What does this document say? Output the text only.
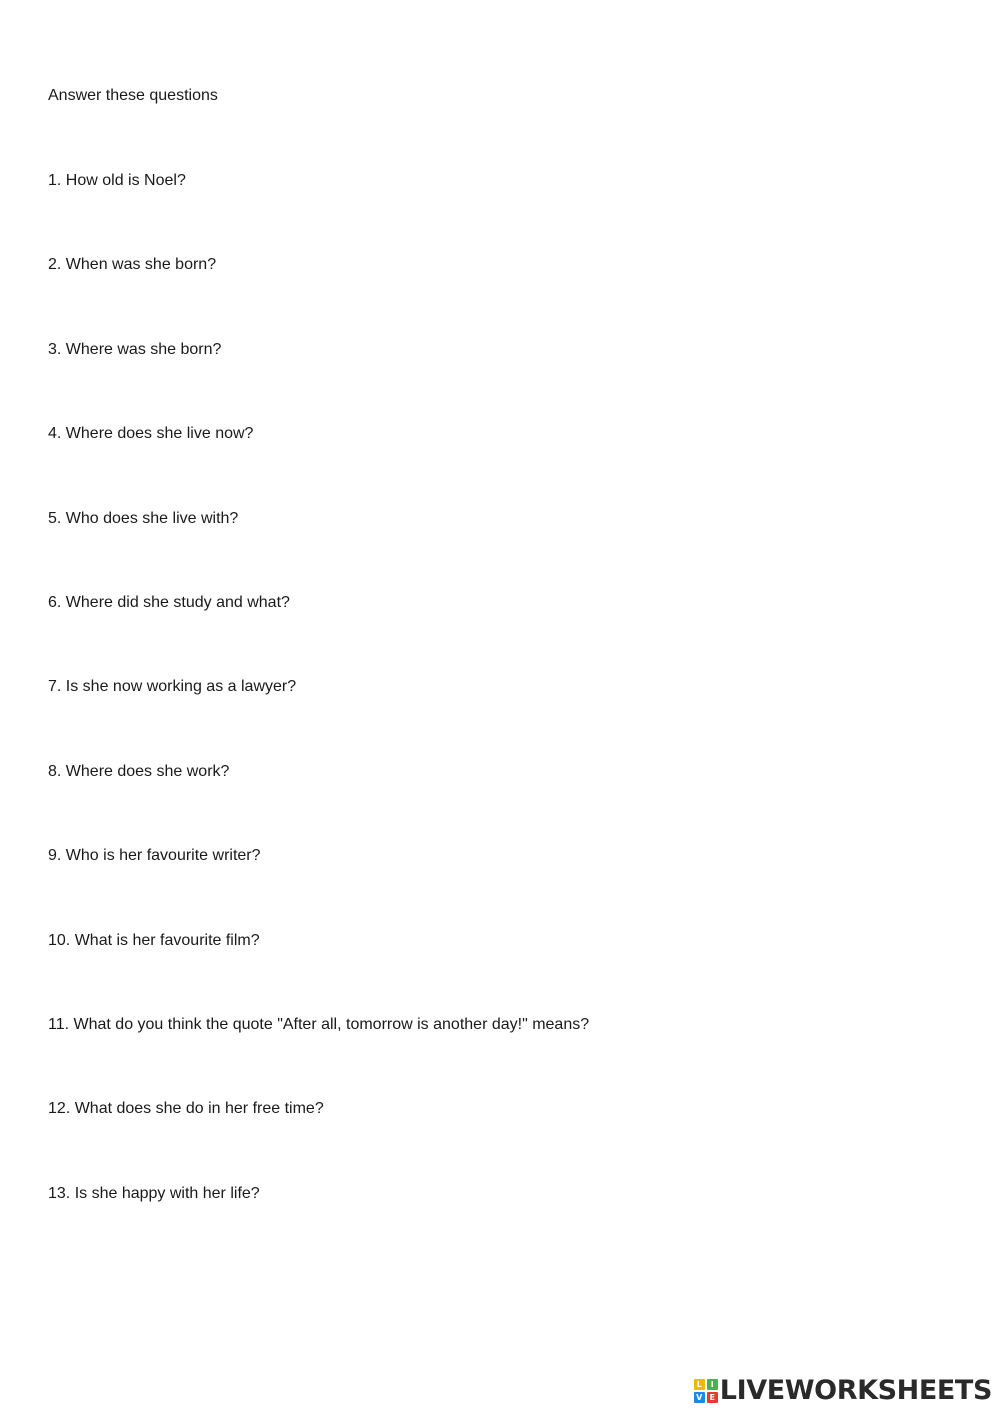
Answer these questions
1. How old is Noel?
2. When was she born?
3. Where was she born?
4. Where does she live now?
5. Who does she live with?
6. Where did she study and what?
7. Is she now working as a lawyer?
8. Where does she work?
9. Who is her favourite writer?
10. What is her favourite film?
11. What do you think the quote "After all, tomorrow is another day!" means?
12. What does she do in her free time?
13. Is she happy with her life?
L	I
V E LIVEWORKSHEETS
